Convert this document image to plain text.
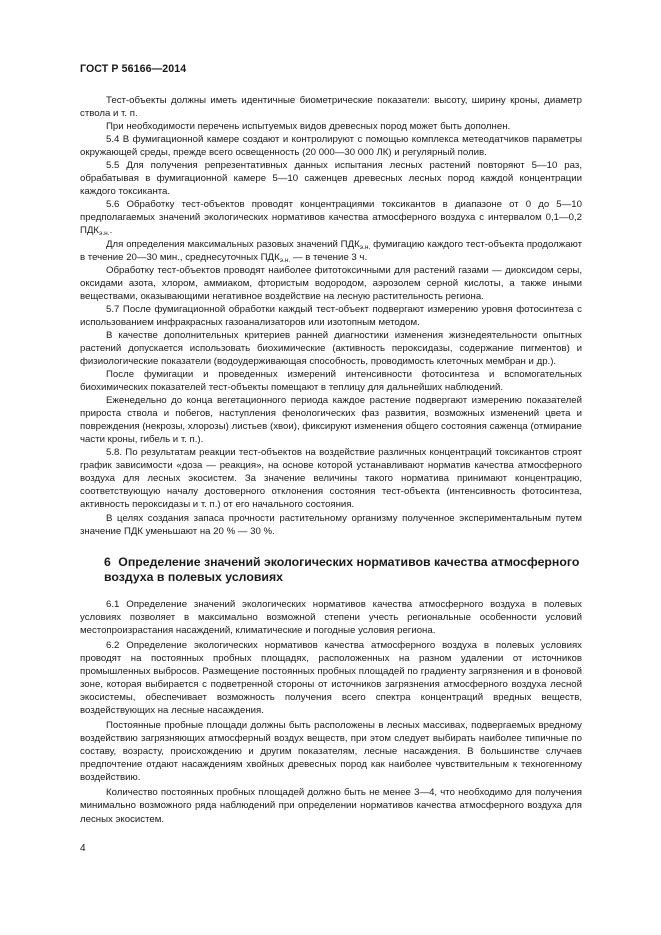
ГОСТ Р 56166—2014

Тест-объекты должны иметь идентичные биометрические показатели: высоту, ширину кроны, диаметр ствола и т. п.

При необходимости перечень испытуемых видов древесных пород может быть дополнен.

5.4 В фумигационной камере создают и контролируют с помощью комплекса метеодатчиков параметры окружающей среды, прежде всего освещенность (20 000—30 000 ЛК) и регулярный полив.

5.5 Для получения репрезентативных данных испытания лесных растений повторяют 5—10 раз, обрабатывая в фумигационной камере 5—10 саженцев древесных лесных пород каждой концентрации каждого токсиканта.

5.6 Обработку тест-объектов проводят концентрациями токсикантов в диапазоне от 0 до 5—10 предполагаемых значений экологических нормативов качества атмосферного воздуха с интервалом 0,1—0,2 $ПДК_{э.н.}$.

Для определения максимальных разовых значений $ПДК_{э.н.}$ фумигацию каждого тест-объекта продолжают в течение 20—30 мин., среднесуточных $ПДК_{э.н.}$ — в течение 3 ч.

Обработку тест-объектов проводят наиболее фитотоксичными для растений газами — диоксидом серы, оксидами азота, хлором, аммиаком, фтористым водородом, аэрозолем серной кислоты, а также иными веществами, оказывающими негативное воздействие на лесную растительность региона.

5.7 После фумигационной обработки каждый тест-объект подвергают измерению уровня фотосинтеза с использованием инфракрасных газоанализаторов или изотопным методом.

В качестве дополнительных критериев ранней диагностики изменения жизнедеятельности опытных растений допускается использовать биохимические (активность пероксидазы, содержание пигментов) и физиологические показатели (водоудерживающая способность, проводимость клеточных мембран и др.).

После фумигации и проведенных измерений интенсивности фотосинтеза и вспомогательных биохимических показателей тест-объекты помещают в теплицу для дальнейших наблюдений.

Еженедельно до конца вегетационного периода каждое растение подвергают измерению показателей прироста ствола и побегов, наступления фенологических фаз развития, возможных изменений цвета и повреждения (некрозы, хлорозы) листьев (хвои), фиксируют изменения общего состояния саженца (отмирание части кроны, гибель и т. п.).

5.8. По результатам реакции тест-объектов на воздействие различных концентраций токсикантов строят график зависимости «доза — реакция», на основе которой устанавливают норматив качества атмосферного воздуха для лесных экосистем. За значение величины такого норматива принимают концентрацию, соответствующую началу достоверного отклонения состояния тест-объекта (интенсивность фотосинтеза, активность пероксидазы и т. п.) от его начального состояния.

В целях создания запаса прочности растительному организму полученное экспериментальным путем значение ПДК уменьшают на 20 % — 30 %.

6 Определение значений экологических нормативов качества атмосферного воздуха в полевых условиях

6.1 Определение значений экологических нормативов качества атмосферного воздуха в полевых условиях позволяет в максимально возможной степени учесть региональные особенности условий местопроизрастания насаждений, климатические и погодные условия региона.

6.2 Определение экологических нормативов качества атмосферного воздуха в полевых условиях проводят на постоянных пробных площадях, расположенных на разном удалении от источников промышленных выбросов. Размещение постоянных пробных площадей по градиенту загрязнения и в фоновой зоне, которая выбирается с подветренной стороны от источников загрязнения атмосферного воздуха лесной экосистемы, обеспечивает возможность получения всего спектра концентраций вредных веществ, воздействующих на лесные насаждения.

Постоянные пробные площади должны быть расположены в лесных массивах, подвергаемых вредному воздействию загрязняющих атмосферный воздух веществ, при этом следует выбирать наиболее типичные по составу, возрасту, происхождению и другим показателям, лесные насаждения. В большинстве случаев предпочтение отдают насаждениям хвойных древесных пород как наиболее чувствительным к техногенному воздействию.

Количество постоянных пробных площадей должно быть не менее 3—4, что необходимо для получения минимально возможного ряда наблюдений при определении нормативов качества атмосферного воздуха для лесных экосистем.

4
